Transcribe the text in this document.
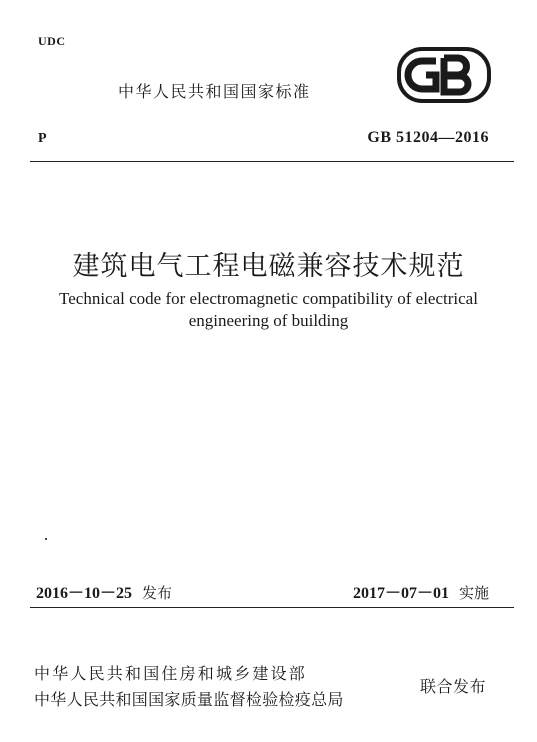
UDC
中华人民共和国国家标准
P	GB 51204—2016
建筑电气工程电磁兼容技术规范
Technical code for electromagnetic compatibility of electrical
engineering of building
2016－10－25 发布	2017－07－01 实施
中华人民共和国住房和城乡建设部
中华人民共和国国家质量监督检验检疫总局
联合发布
